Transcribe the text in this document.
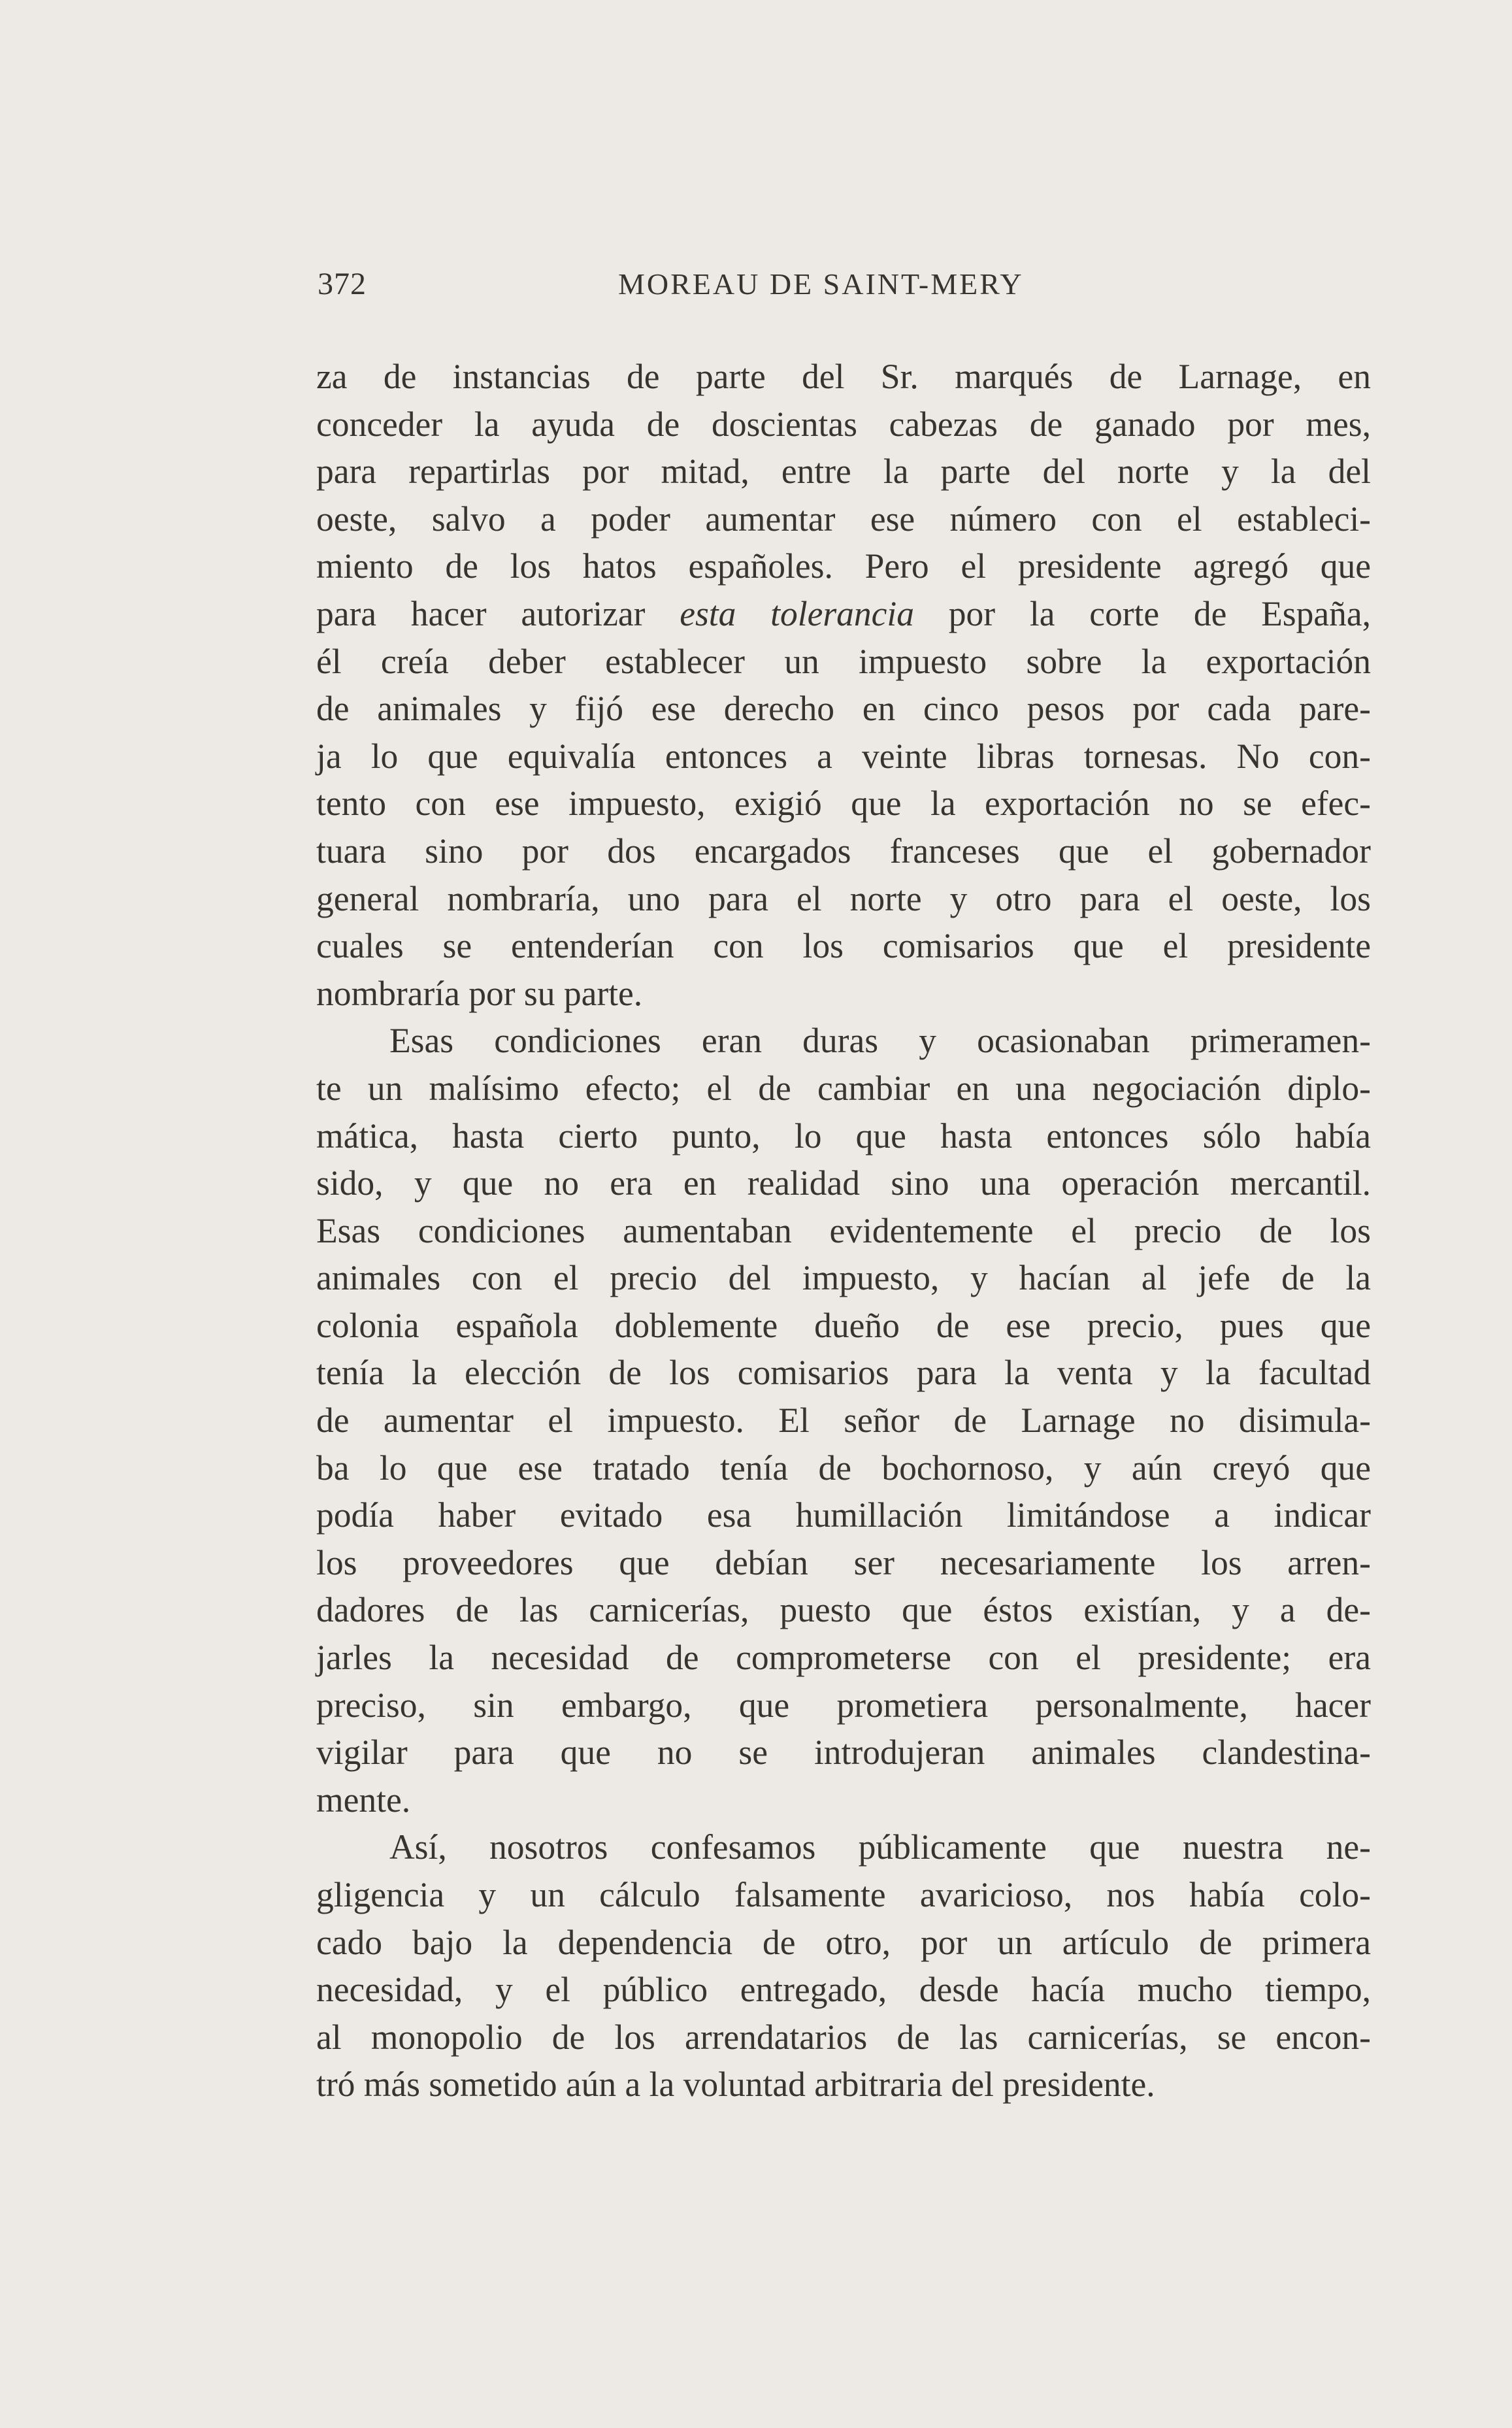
372	MOREAU DE SAINT-MERY
za de instancias de parte del Sr. marqués de Larnage, en
conceder la ayuda de doscientas cabezas de ganado por mes,
para repartirlas por mitad, entre la parte del norte y la del
oeste, salvo a poder aumentar ese número con el estableci-
miento de los hatos españoles. Pero el presidente agregó que
para hacer autorizar esta tolerancia por la corte de España,
él creía deber establecer un impuesto sobre la exportación
de animales y fijó ese derecho en cinco pesos por cada pare-
ja lo que equivalía entonces a veinte libras tornesas. No con-
tento con ese impuesto, exigió que la exportación no se efec-
tuara sino por dos encargados franceses que el gobernador
general nombraría, uno para el norte y otro para el oeste, los
cuales se entenderían con los comisarios que el presidente
nombraría por su parte.
Esas condiciones eran duras y ocasionaban primeramen-
te un malísimo efecto; el de cambiar en una negociación diplo-
mática, hasta cierto punto, lo que hasta entonces sólo había
sido, y que no era en realidad sino una operación mercantil.
Esas condiciones aumentaban evidentemente el precio de los
animales con el precio del impuesto, y hacían al jefe de la
colonia española doblemente dueño de ese precio, pues que
tenía la elección de los comisarios para la venta y la facultad
de aumentar el impuesto. El señor de Larnage no disimula-
ba lo que ese tratado tenía de bochornoso, y aún creyó que
podía haber evitado esa humillación limitándose a indicar
los proveedores que debían ser necesariamente los arren-
dadores de las carnicerías, puesto que éstos existían, y a de-
jarles la necesidad de comprometerse con el presidente; era
preciso, sin embargo, que prometiera personalmente, hacer
vigilar para que no se introdujeran animales clandestina-
mente.
Así, nosotros confesamos públicamente que nuestra ne-
gligencia y un cálculo falsamente avaricioso, nos había colo-
cado bajo la dependencia de otro, por un artículo de primera
necesidad, y el público entregado, desde hacía mucho tiempo,
al monopolio de los arrendatarios de las carnicerías, se encon-
tró más sometido aún a la voluntad arbitraria del presidente.
